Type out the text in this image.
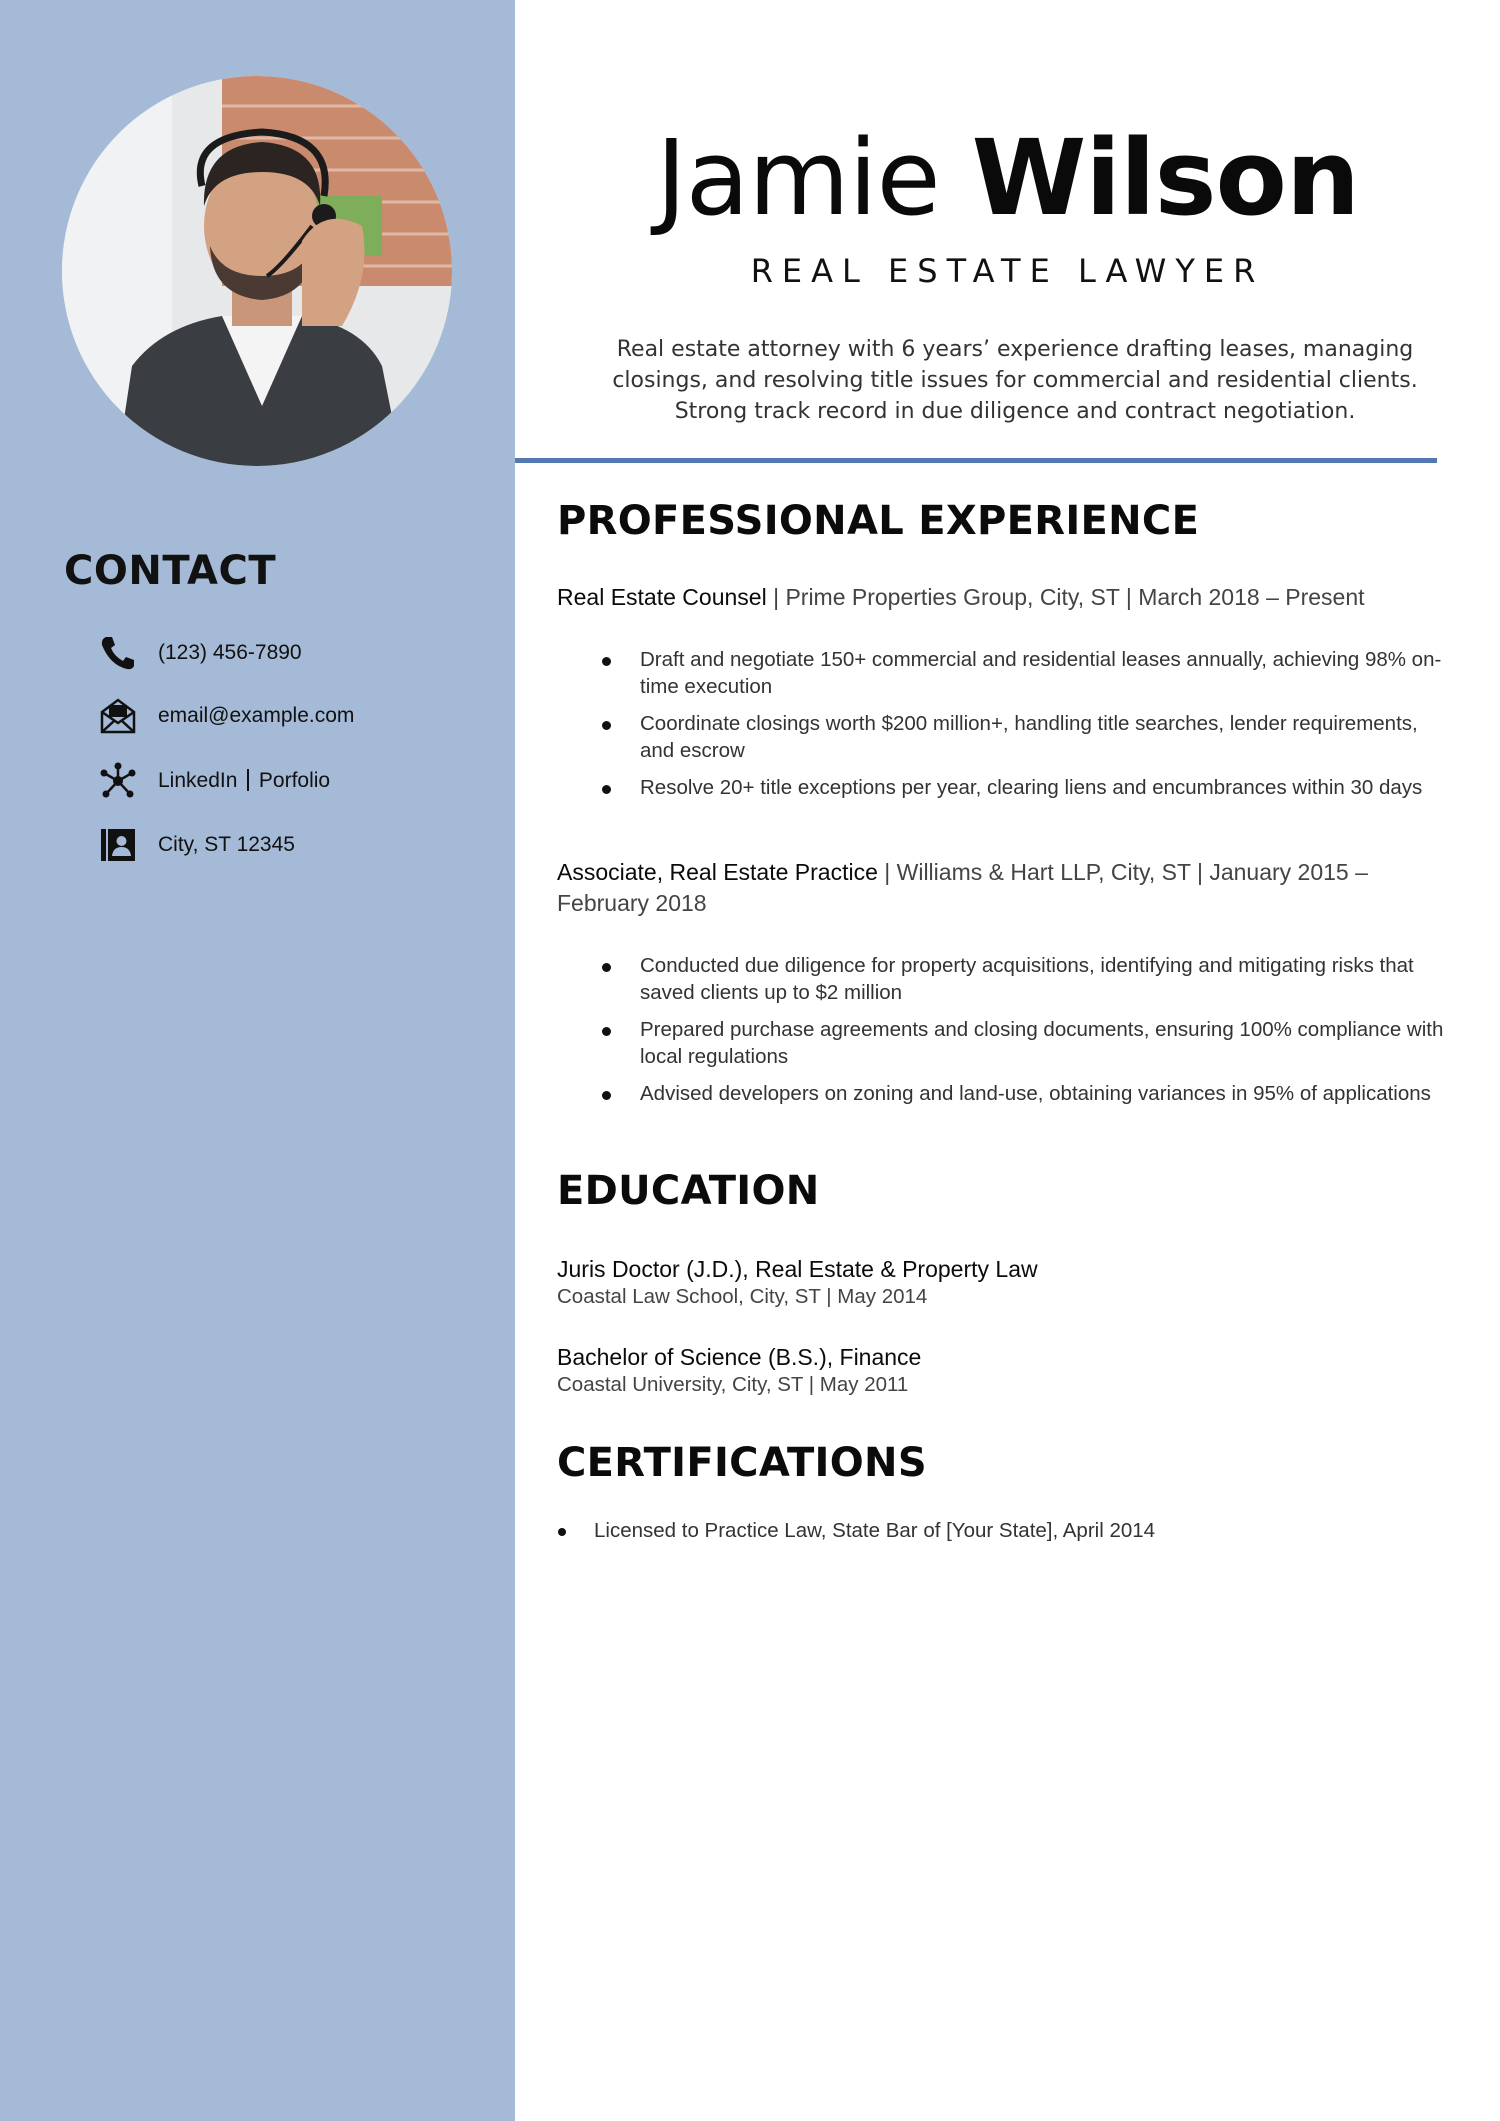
CONTACT
(123) 456-7890
email@example.com
LinkedIn Porfolio
City, ST 12345
Jamie Wilson
REAL ESTATE LAWYER
Real estate attorney with 6 years’ experience drafting leases, managing closings, and resolving title issues for commercial and residential clients. Strong track record in due diligence and contract negotiation.
PROFESSIONAL EXPERIENCE
Real Estate Counsel | Prime Properties Group, City, ST | March 2018 – Present
Draft and negotiate 150+ commercial and residential leases annually, achieving 98% on-time execution
Coordinate closings worth $200 million+, handling title searches, lender requirements, and escrow
Resolve 20+ title exceptions per year, clearing liens and encumbrances within 30 days
Associate, Real Estate Practice | Williams & Hart LLP, City, ST | January 2015 – February 2018
Conducted due diligence for property acquisitions, identifying and mitigating risks that saved clients up to $2 million
Prepared purchase agreements and closing documents, ensuring 100% compliance with local regulations
Advised developers on zoning and land-use, obtaining variances in 95% of applications
EDUCATION
Juris Doctor (J.D.), Real Estate & Property Law
Coastal Law School, City, ST | May 2014
Bachelor of Science (B.S.), Finance
Coastal University, City, ST | May 2011
CERTIFICATIONS
Licensed to Practice Law, State Bar of [Your State], April 2014
